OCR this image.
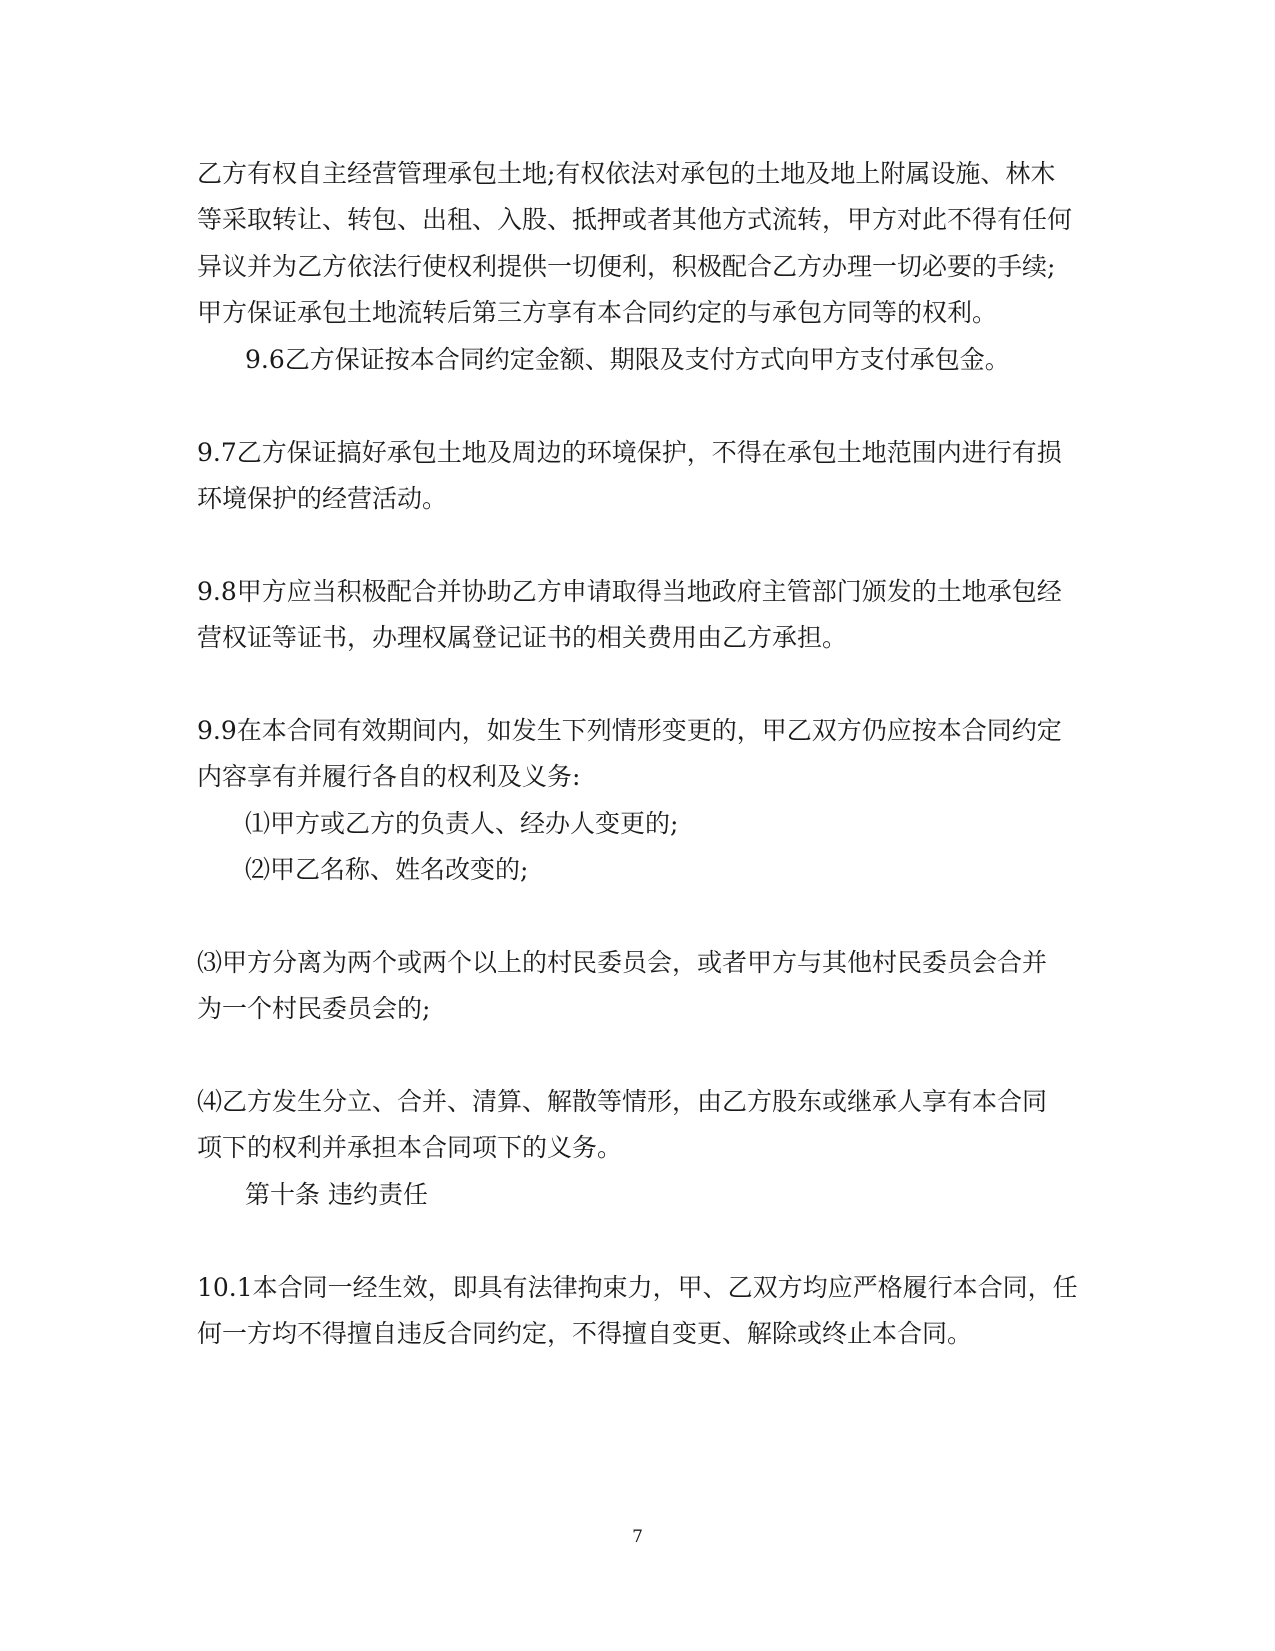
乙方有权自主经营管理承包土地;有权依法对承包的土地及地上附属设施、林木
等采取转让、转包、出租、入股、抵押或者其他方式流转，甲方对此不得有任何
异议并为乙方依法行使权利提供一切便利，积极配合乙方办理一切必要的手续;
甲方保证承包土地流转后第三方享有本合同约定的与承包方同等的权利。
9.6乙方保证按本合同约定金额、期限及支付方式向甲方支付承包金。
9.7乙方保证搞好承包土地及周边的环境保护，不得在承包土地范围内进行有损
环境保护的经营活动。
9.8甲方应当积极配合并协助乙方申请取得当地政府主管部门颁发的土地承包经
营权证等证书，办理权属登记证书的相关费用由乙方承担。
9.9在本合同有效期间内，如发生下列情形变更的，甲乙双方仍应按本合同约定
内容享有并履行各自的权利及义务:
⑴甲方或乙方的负责人、经办人变更的;
⑵甲乙名称、姓名改变的;
⑶甲方分离为两个或两个以上的村民委员会，或者甲方与其他村民委员会合并
为一个村民委员会的;
⑷乙方发生分立、合并、清算、解散等情形，由乙方股东或继承人享有本合同
项下的权利并承担本合同项下的义务。
第十条 违约责任
10.1本合同一经生效，即具有法律拘束力，甲、乙双方均应严格履行本合同，任
何一方均不得擅自违反合同约定，不得擅自变更、解除或终止本合同。
7
